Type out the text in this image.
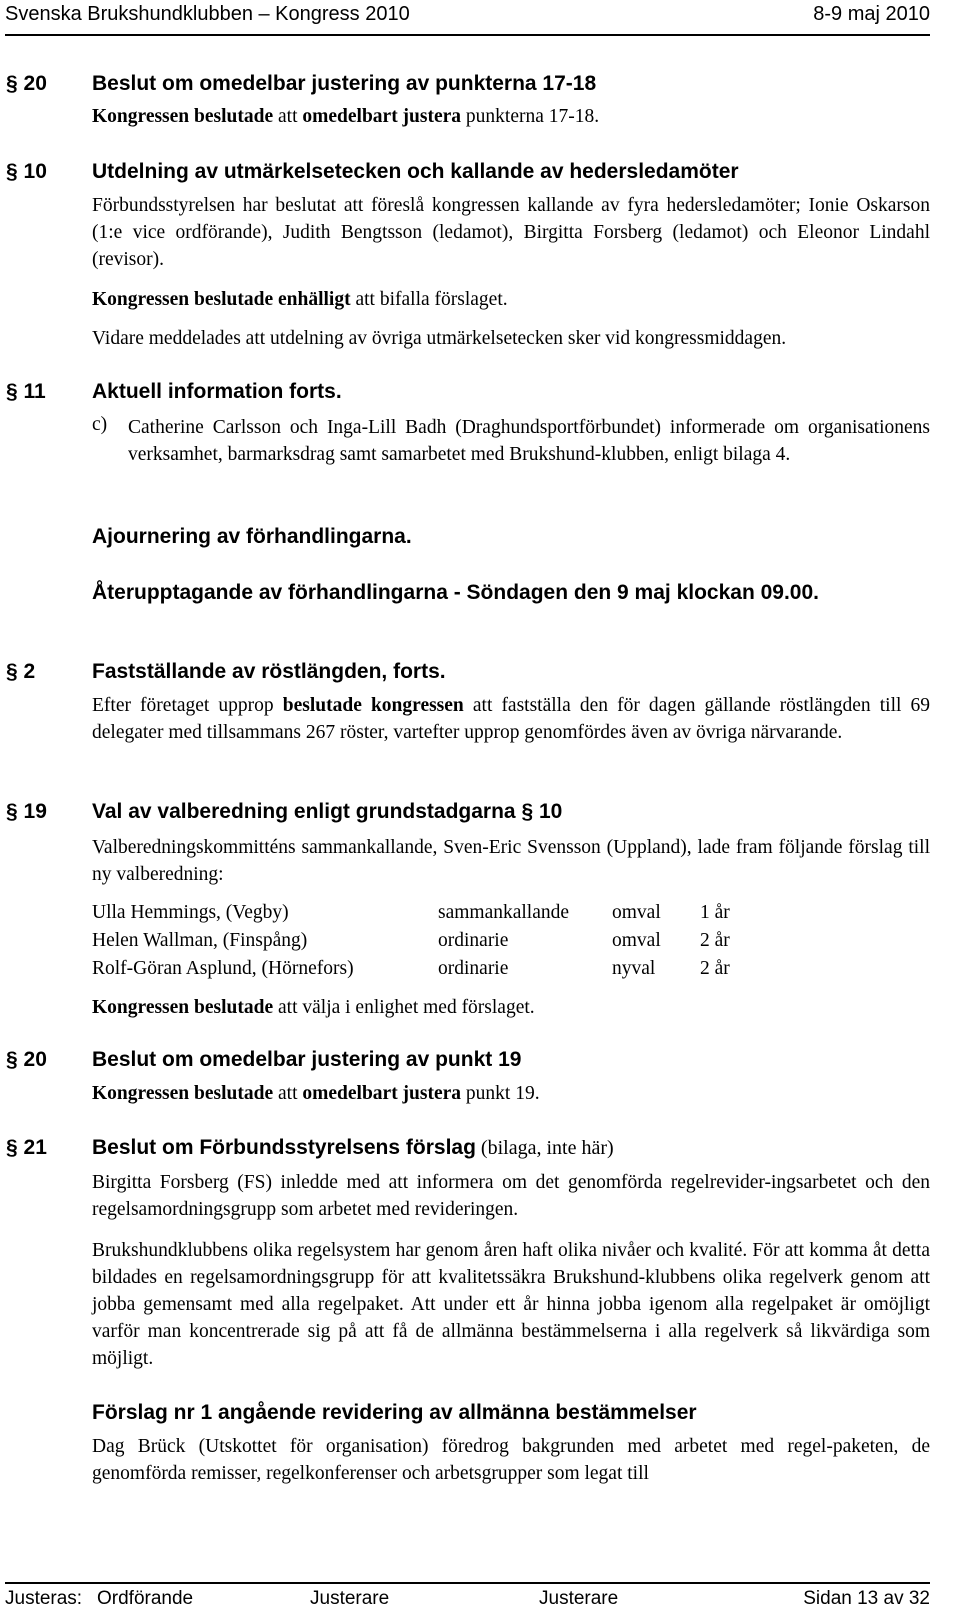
Svenska Brukshundklubben – Kongress 2010	8-9 maj 2010
§ 20	Beslut om omedelbar justering av punkterna 17-18
Kongressen beslutade att omedelbart justera punkterna 17-18.
§ 10	Utdelning av utmärkelsetecken och kallande av hedersledamöter
Förbundsstyrelsen har beslutat att föreslå kongressen kallande av fyra hedersledamöter; Ionie Oskarson (1:e vice ordförande), Judith Bengtsson (ledamot), Birgitta Forsberg (ledamot) och Eleonor Lindahl (revisor).
Kongressen beslutade enhälligt att bifalla förslaget.
Vidare meddelades att utdelning av övriga utmärkelsetecken sker vid kongressmiddagen.
§ 11	Aktuell information forts.
c) Catherine Carlsson och Inga-Lill Badh (Draghundsportförbundet) informerade om organisationens verksamhet, barmarksdrag samt samarbetet med Brukshund-klubben, enligt bilaga 4.
Ajournering av förhandlingarna.
Återupptagande av förhandlingarna - Söndagen den 9 maj klockan 09.00.
§ 2	Fastställande av röstlängden, forts.
Efter företaget upprop beslutade kongressen att fastställa den för dagen gällande röstlängden till 69 delegater med tillsammans 267 röster, vartefter upprop genomfördes även av övriga närvarande.
§ 19	Val av valberedning enligt grundstadgarna § 10
Valberedningskommitténs sammankallande, Sven-Eric Svensson (Uppland), lade fram följande förslag till ny valberedning:
Ulla Hemmings, (Vegby)	sammankallande omval 1 år
Helen Wallman, (Finspång)	ordinarie	omval 2 år
Rolf-Göran Asplund, (Hörnefors)	ordinarie	nyval 2 år
Kongressen beslutade att välja i enlighet med förslaget.
§ 20	Beslut om omedelbar justering av punkt 19
Kongressen beslutade att omedelbart justera punkt 19.
§ 21	Beslut om Förbundsstyrelsens förslag (bilaga, inte här)
Birgitta Forsberg (FS) inledde med att informera om det genomförda regelrevider-ingsarbetet och den regelsamordningsgrupp som arbetet med revideringen.
Brukshundklubbens olika regelsystem har genom åren haft olika nivåer och kvalité. För att komma åt detta bildades en regelsamordningsgrupp för att kvalitetssäkra Brukshund-klubbens olika regelverk genom att jobba gemensamt med alla regelpaket. Att under ett år hinna jobba igenom alla regelpaket är omöjligt varför man koncentrerade sig på att få de allmänna bestämmelserna i alla regelverk så likvärdiga som möjligt.
Förslag nr 1 angående revidering av allmänna bestämmelser
Dag Brück (Utskottet för organisation) föredrog bakgrunden med arbetet med regel-paketen, de genomförda remisser, regelkonferenser och arbetsgrupper som legat till
Justeras: Ordförande	Justerare	Justerare	Sidan 13 av 32
